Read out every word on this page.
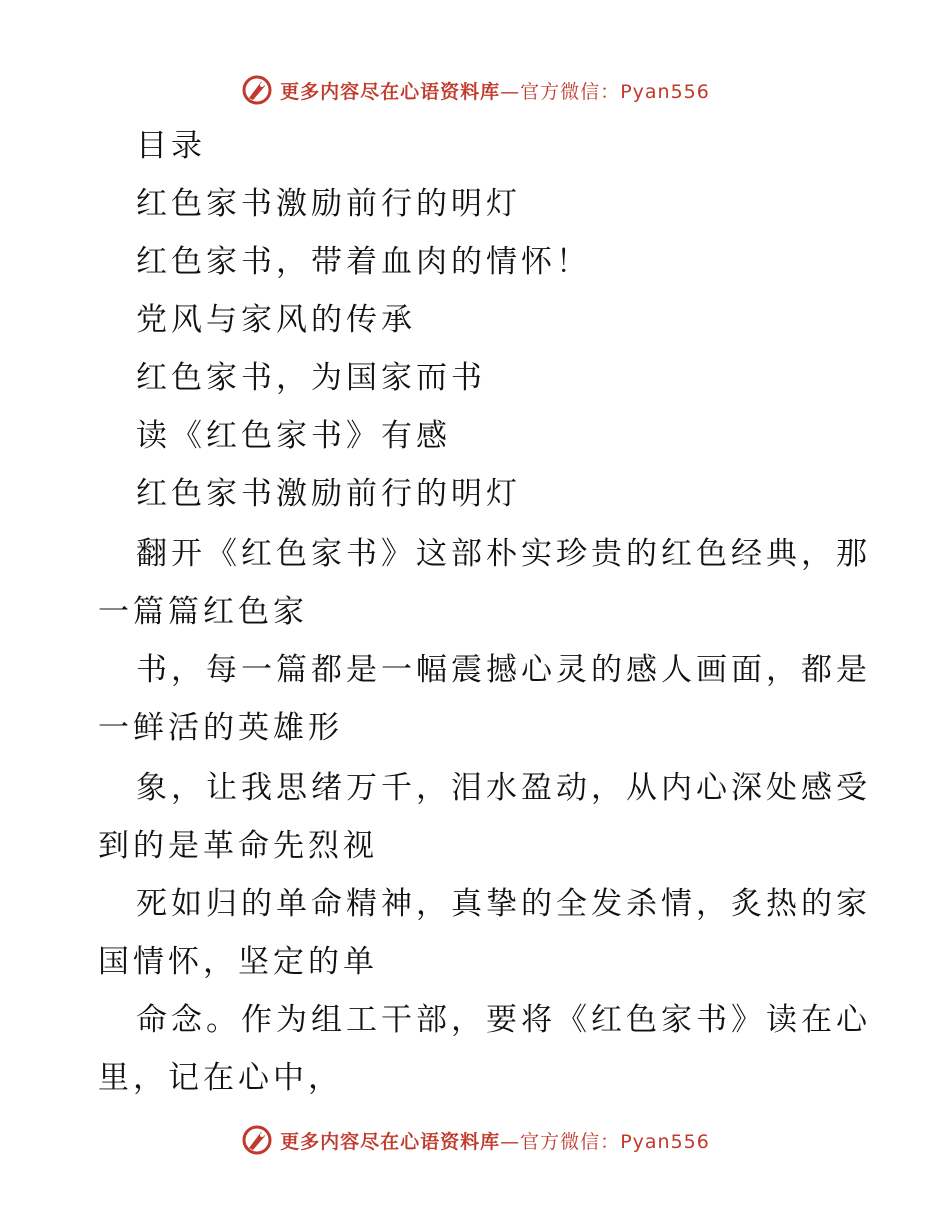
更多内容尽在心语资料库—官方微信：Pyan556
目录
红色家书激励前行的明灯
红色家书，带着血肉的情怀！
党风与家风的传承
红色家书，为国家而书
读《红色家书》有感
红色家书激励前行的明灯
翻开《红色家书》这部朴实珍贵的红色经典，那
一篇篇红色家
书，每一篇都是一幅震撼心灵的感人画面，都是
一鲜活的英雄形
象，让我思绪万千，泪水盈动，从内心深处感受
到的是革命先烈视
死如归的单命精神，真挚的全发杀情，炙热的家
国情怀，坚定的单
命念。作为组工干部，要将《红色家书》读在心
里，记在心中，
更多内容尽在心语资料库—官方微信：Pyan556
